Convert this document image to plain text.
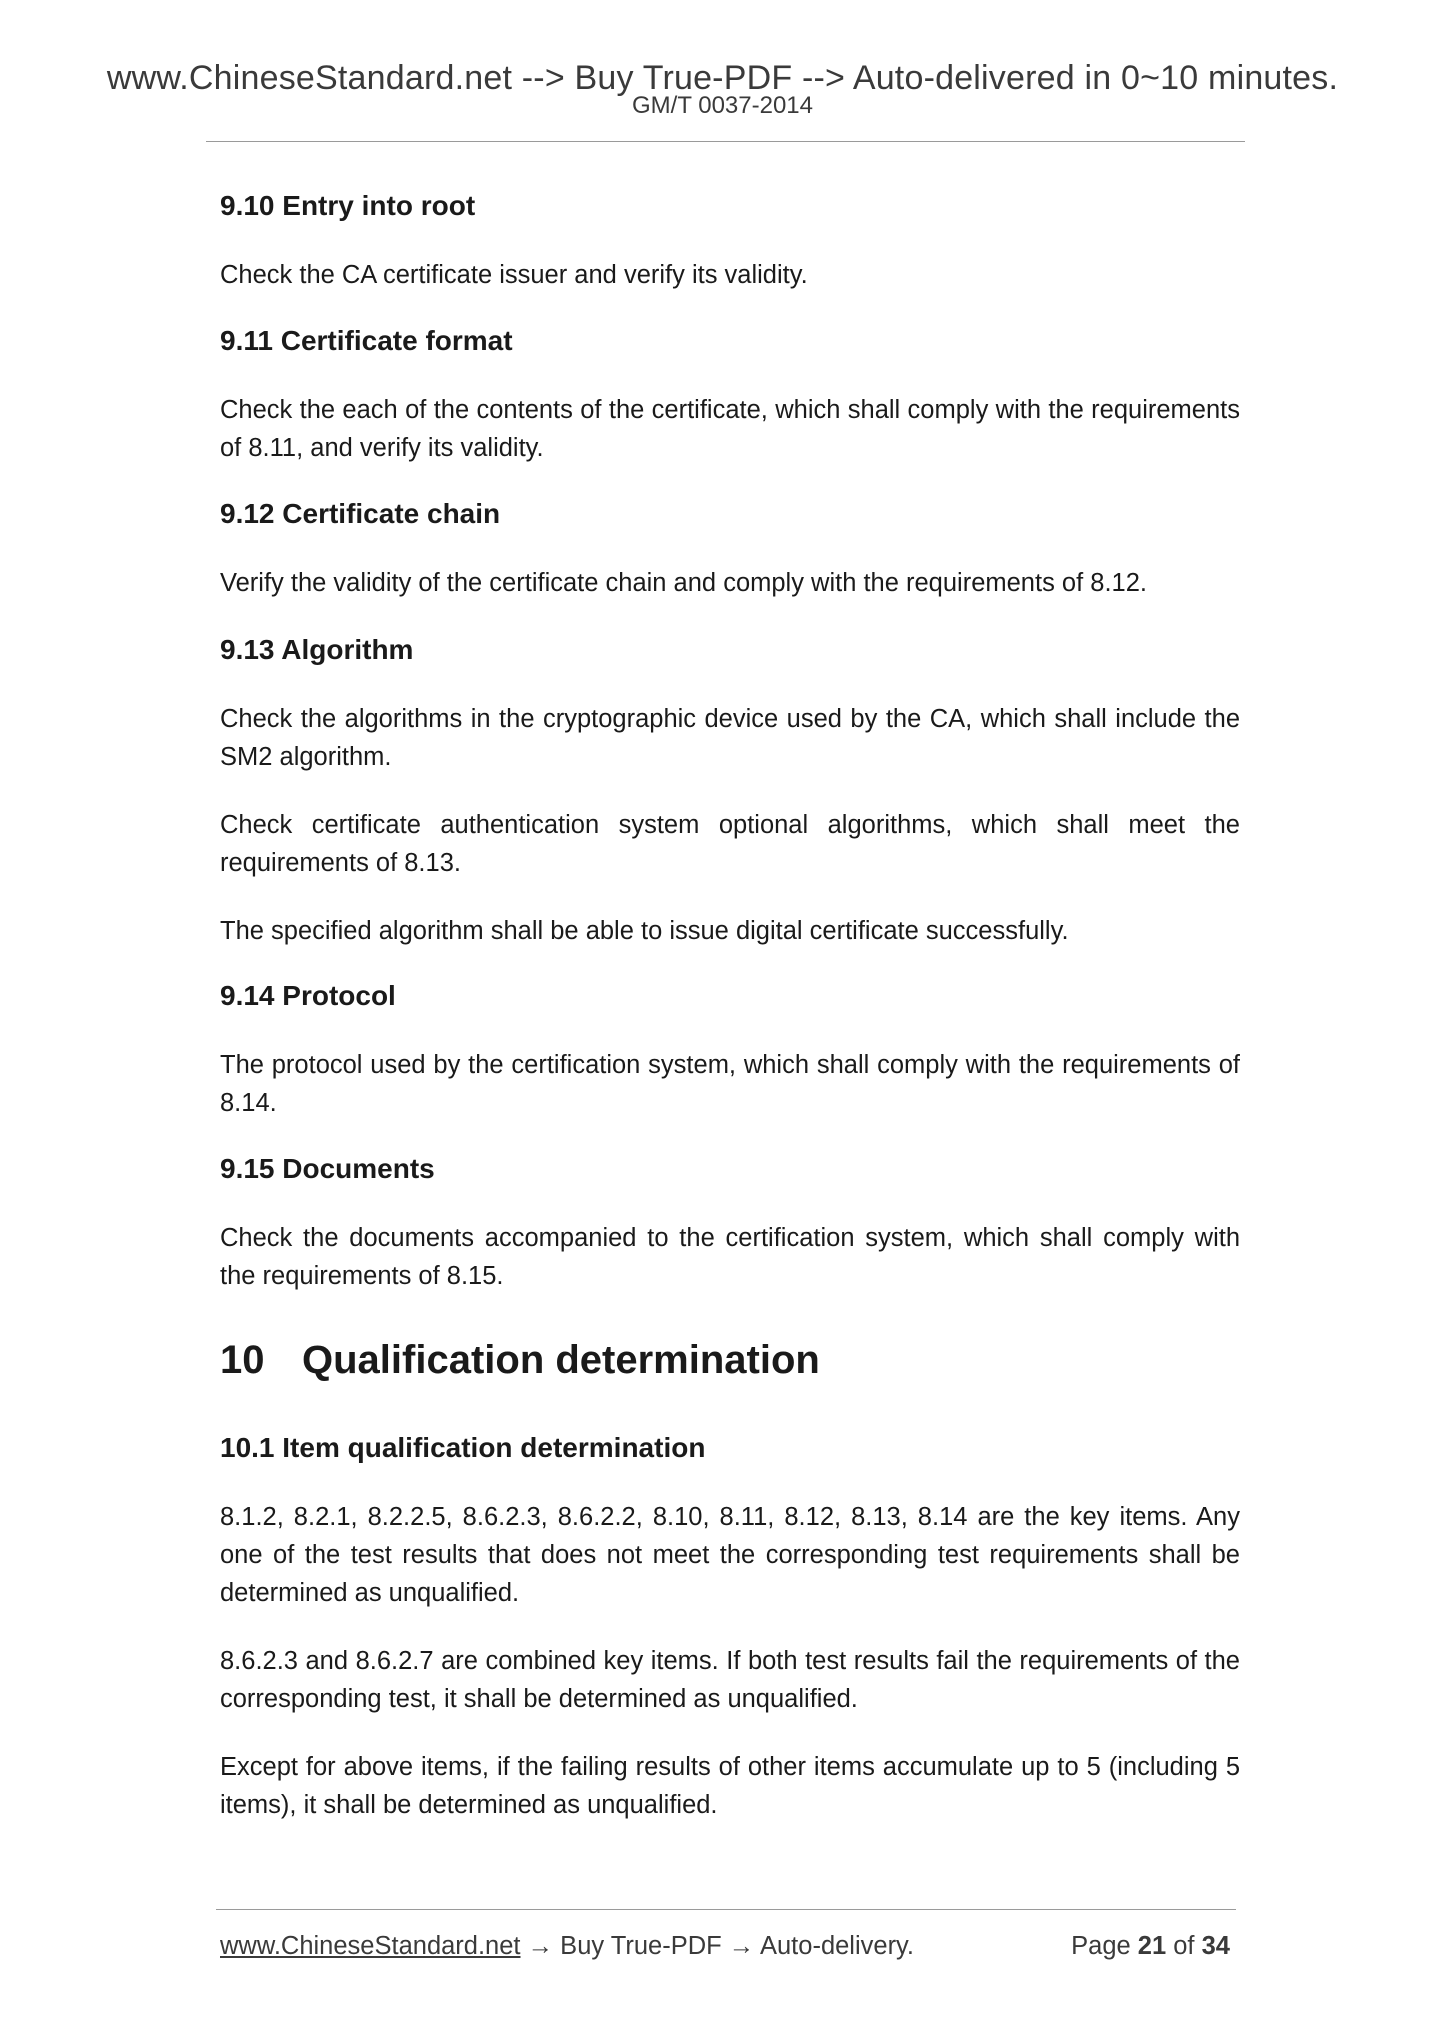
www.ChineseStandard.net --> Buy True-PDF --> Auto-delivered in 0~10 minutes.
GM/T 0037-2014
9.10 Entry into root
Check the CA certificate issuer and verify its validity.
9.11 Certificate format
Check the each of the contents of the certificate, which shall comply with the requirements of 8.11, and verify its validity.
9.12 Certificate chain
Verify the validity of the certificate chain and comply with the requirements of 8.12.
9.13 Algorithm
Check the algorithms in the cryptographic device used by the CA, which shall include the SM2 algorithm.
Check certificate authentication system optional algorithms, which shall meet the requirements of 8.13.
The specified algorithm shall be able to issue digital certificate successfully.
9.14 Protocol
The protocol used by the certification system, which shall comply with the requirements of 8.14.
9.15 Documents
Check the documents accompanied to the certification system, which shall comply with the requirements of 8.15.
10 Qualification determination
10.1 Item qualification determination
8.1.2, 8.2.1, 8.2.2.5, 8.6.2.3, 8.6.2.2, 8.10, 8.11, 8.12, 8.13, 8.14 are the key items. Any one of the test results that does not meet the corresponding test requirements shall be determined as unqualified.
8.6.2.3 and 8.6.2.7 are combined key items. If both test results fail the requirements of the corresponding test, it shall be determined as unqualified.
Except for above items, if the failing results of other items accumulate up to 5 (including 5 items), it shall be determined as unqualified.
www.ChineseStandard.net → Buy True-PDF → Auto-delivery.	Page 21 of 34
